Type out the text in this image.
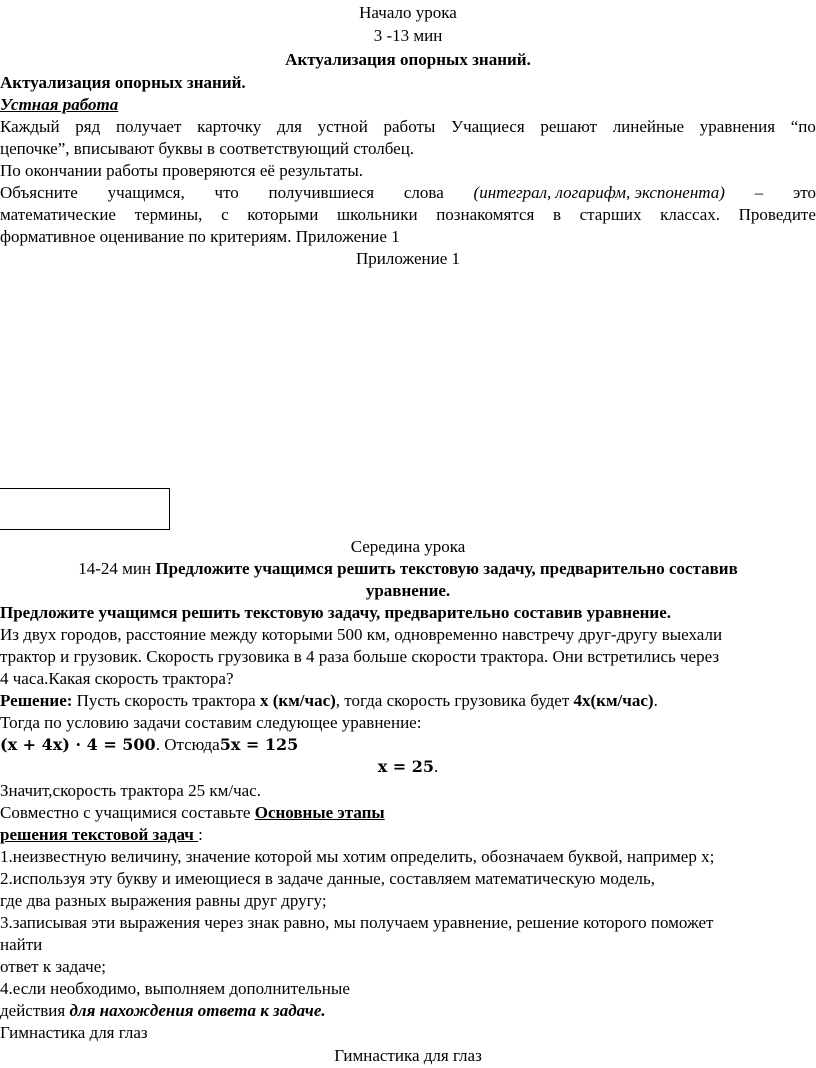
Начало урока
3 -13 мин
Актуализация опорных знаний.
Актуализация опорных знаний.
Устная работа
Каждый ряд получает карточку для устной работы Учащиеся решают линейные уравнения “по
цепочке”, вписывают буквы в соответствующий столбец.
По окончании работы проверяются её результаты.
Объясните учащимся, что получившиеся слова (интеграл, логарифм, экспонента) – это
математические термины, с которыми школьники познакомятся в старших классах. Проведите
формативное оценивание по критериям. Приложение 1
Приложение 1
Середина урока
14-24 мин Предложите учащимся решить текстовую задачу, предварительно составив
уравнение.
Предложите учащимся решить текстовую задачу, предварительно составив уравнение.
Из двух городов, расстояние между которыми 500 км, одновременно навстречу друг-другу выехали
трактор и грузовик. Скорость грузовика в 4 раза больше скорости трактора. Они встретились через
4 часа.Какая скорость трактора?
Решение: Пусть скорость трактора x (км/час), тогда скорость грузовика будет 4x(км/час).
Тогда по условию задачи составим следующее уравнение:
(𝐱 + 𝟒𝐱) · 𝟒 = 𝟓𝟎𝟎. Отсюда𝟓𝐱 = 𝟏𝟐𝟓
𝐱 = 𝟐𝟓.
Значит,скорость трактора 25 км/час.
Совместно с учащимися составьте Основные этапы
решения текстовой задач :
1.неизвестную величину, значение которой мы хотим определить, обозначаем буквой, например х;
2.используя эту букву и имеющиеся в задаче данные, составляем математическую модель,
где два разных выражения равны друг другу;
3.записывая эти выражения через знак равно, мы получаем уравнение, решение которого поможет
найти
ответ к задаче;
4.если необходимо, выполняем дополнительные
действия для нахождения ответа к задаче.
Гимнастика для глаз
Гимнастика для глаз
